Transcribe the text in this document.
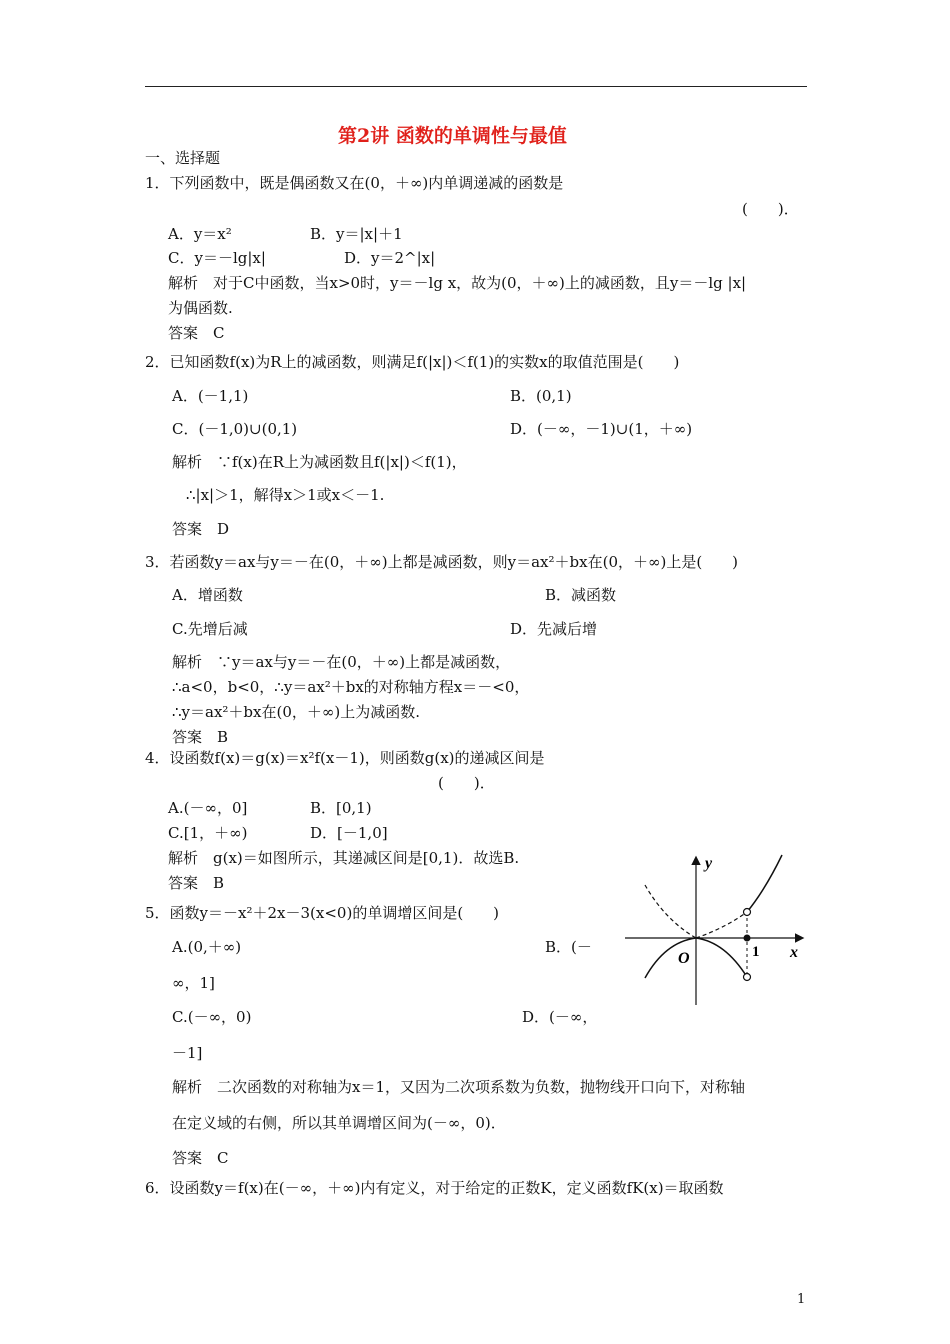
第2讲 函数的单调性与最值
一、选择题
1．下列函数中，既是偶函数又在(0，＋∞)内单调递减的函数是
(　　)．
A．y＝x²	B．y＝|x|＋1
C．y＝－lg|x|	D．y＝2^|x|
解析　对于C中函数，当x>0时，y＝－lg x，故为(0，＋∞)上的减函数，且y＝－lg |x|
为偶函数.
答案　C
2．已知函数f(x)为R上的减函数，则满足f(|x|)＜f(1)的实数x的取值范围是(　　)
A．(－1,1)	B．(0,1)
C．(－1,0)∪(0,1)	D．(－∞，－1)∪(1，＋∞)
解析　∵f(x)在R上为减函数且f(|x|)＜f(1)，
∴|x|＞1，解得x＞1或x＜－1.
答案　D
3．若函数y＝ax与y＝－在(0，＋∞)上都是减函数，则y＝ax²＋bx在(0，＋∞)上是(　　)
A．增函数	B．减函数
C.先增后减	D．先减后增
解析　∵y＝ax与y＝－在(0，＋∞)上都是减函数，
∴a<0，b<0，∴y＝ax²＋bx的对称轴方程x＝－<0，
∴y＝ax²＋bx在(0，＋∞)上为减函数.
答案　B
4．设函数f(x)＝g(x)＝x²f(x－1)，则函数g(x)的递减区间是
(　　)．
A.(－∞，0]	B．[0,1)
C.[1，＋∞)	D．[－1,0]
解析　g(x)＝如图所示，其递减区间是[0,1)．故选B.
答案　B
5．函数y＝－x²＋2x－3(x<0)的单调增区间是(　　)
A.(0,＋∞)	B．(－
∞，1]
C.(－∞，0)	D．(－∞，
－1]
解析　二次函数的对称轴为x＝1，又因为二次项系数为负数，抛物线开口向下，对称轴
在定义域的右侧，所以其单调增区间为(－∞，0)．
答案　C
6．设函数y＝f(x)在(－∞，＋∞)内有定义，对于给定的正数K，定义函数fK(x)＝取函数
y
x
O	1
1
